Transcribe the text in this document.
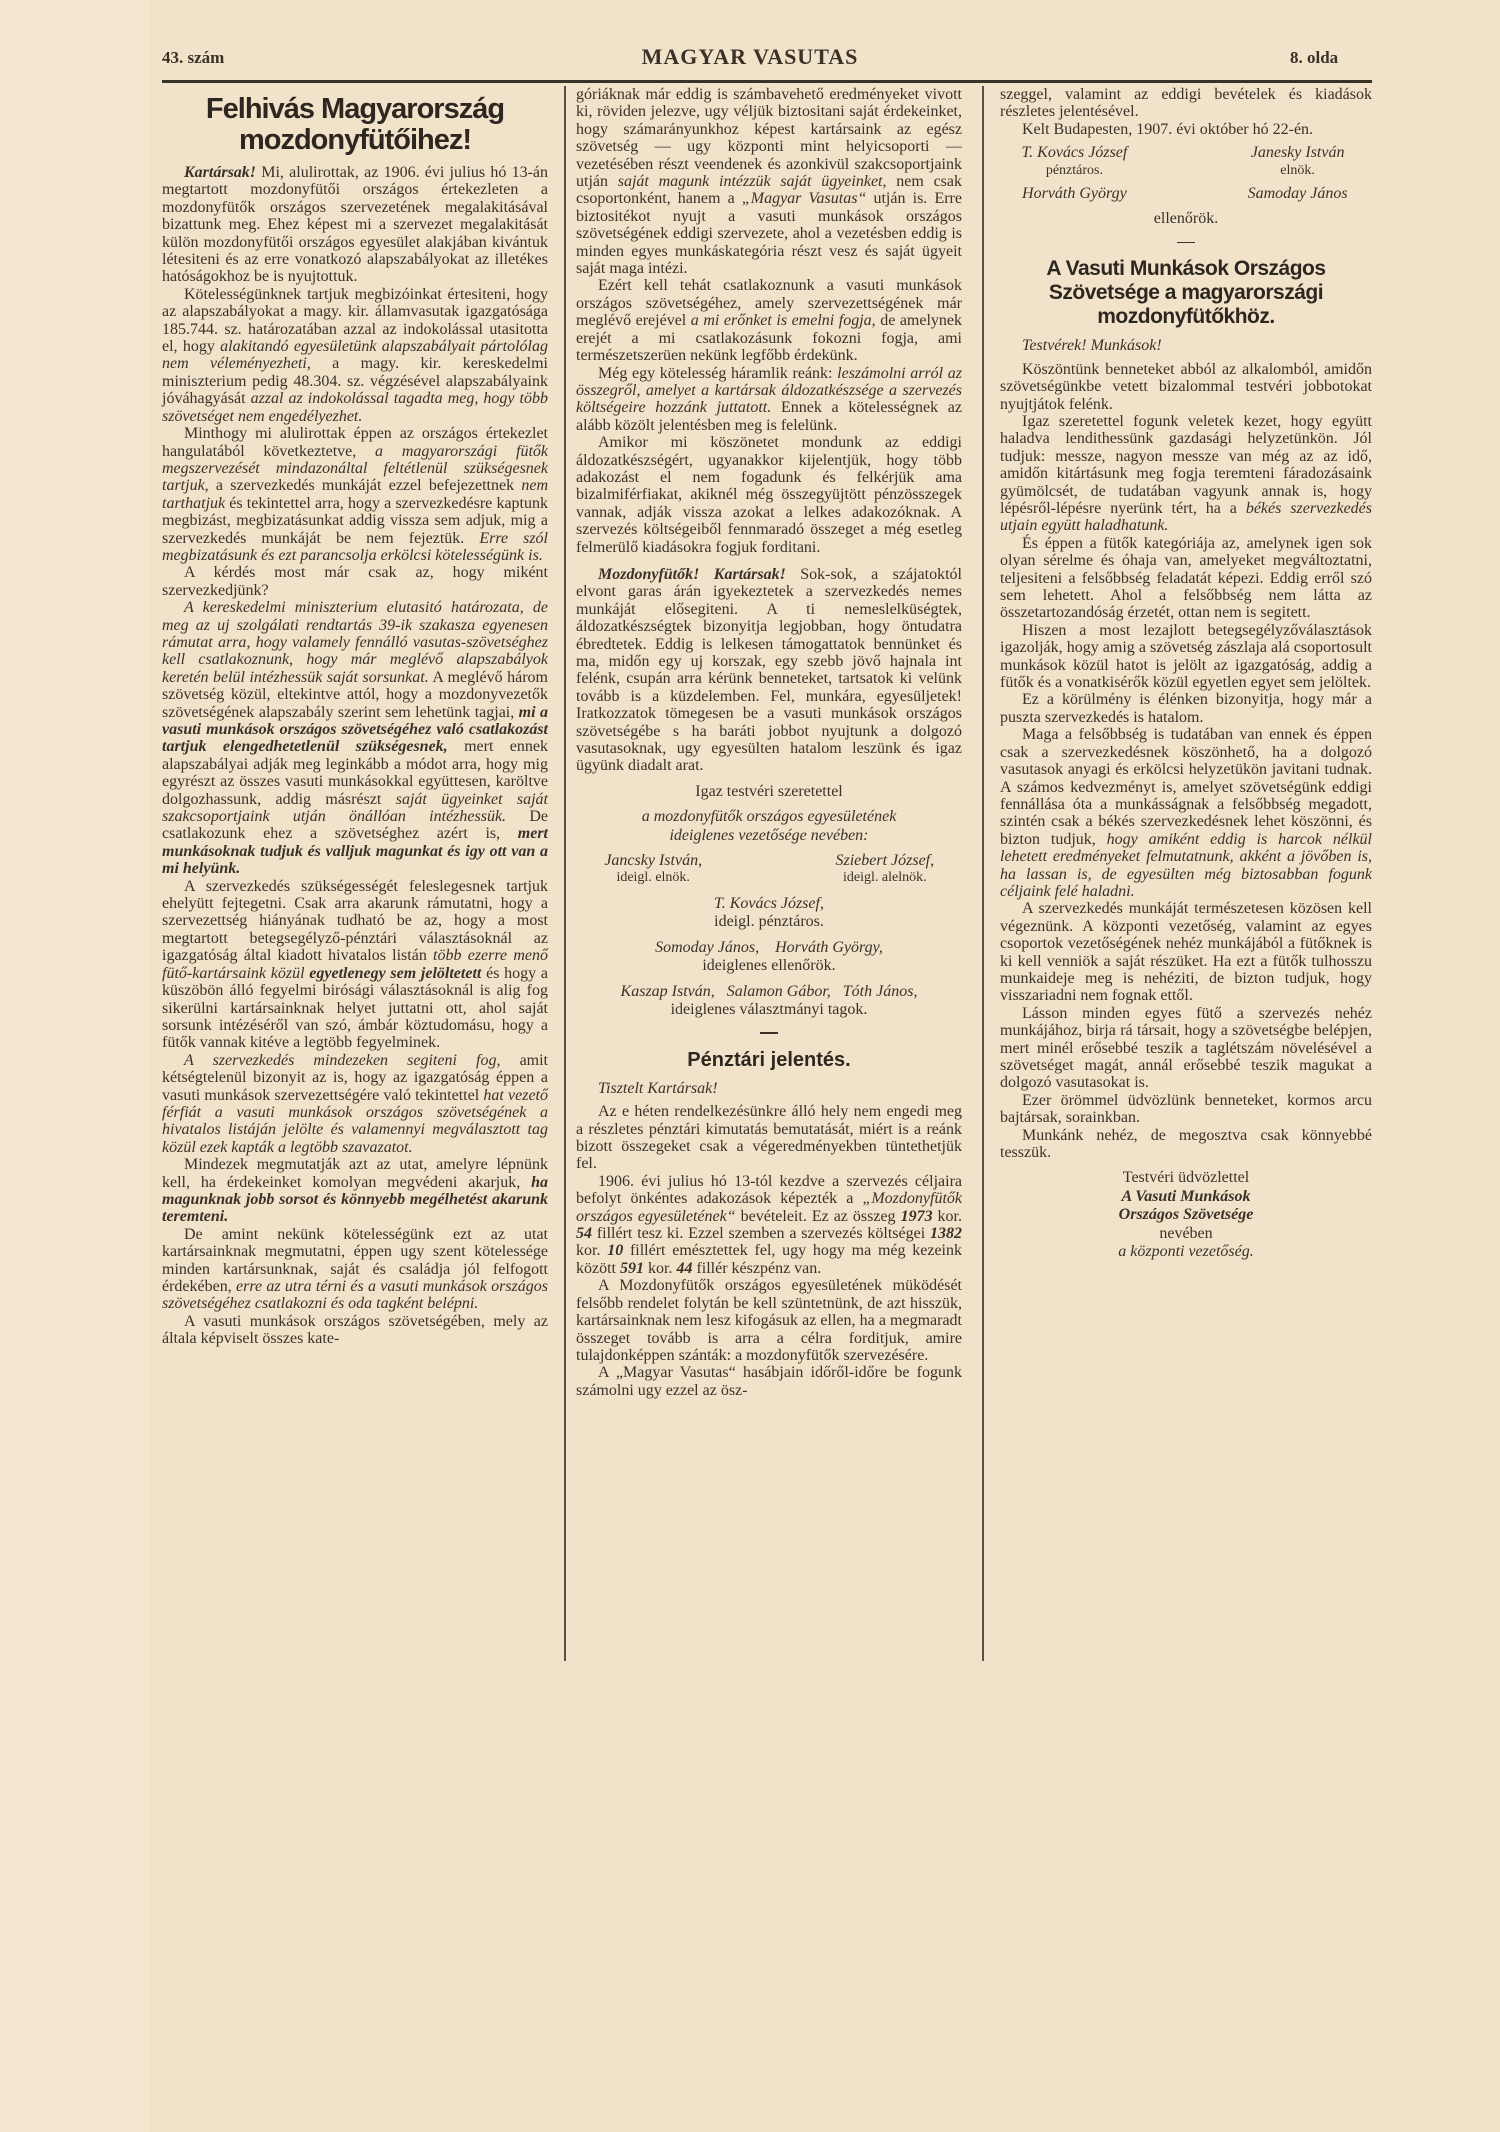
43. szám	MAGYAR VASUTAS	8. olda
Felhivás Magyarország mozdonyfütőihez!

Kartársak! Mi, alulirottak, az 1906. évi julius hó 13-án megtartott mozdonyfütői országos értekezleten a mozdonyfütők országos szervezetének megalakitásával bizattunk meg. Ehez képest mi a szervezet megalakitását külön mozdonyfütői országos egyesület alakjában kivántuk létesiteni és az erre vonatkozó alapszabályokat az illetékes hatóságokhoz be is nyujtottuk.

Kötelességünknek tartjuk megbizóinkat értesiteni, hogy az alapszabályokat a magy. kir. államvasutak igazgatósága 185.744. sz. határozatában azzal az indokolással utasitotta el, hogy alakitandó egyesületünk alapszabályait pártolólag nem véleményezheti, a magy. kir. kereskedelmi miniszterium pedig 48.304. sz. végzésével alapszabályaink jóváhagyását azzal az indokolással tagadta meg, hogy több szövetséget nem engedélyezhet.

Minthogy mi alulirottak éppen az országos értekezlet hangulatából következtetve, a magyarországi fütők megszervezését mindazonáltal feltétlenül szükségesnek tartjuk, a szervezkedés munkáját ezzel befejezettnek nem tarthatjuk és tekintettel arra, hogy a szervezkedésre kaptunk megbizást, megbizatásunkat addig vissza sem adjuk, mig a szervezkedés munkáját be nem fejeztük. Erre szól megbizatásunk és ezt parancsolja erkölcsi kötelességünk is.

A kérdés most már csak az, hogy miként szervezkedjünk?

A kereskedelmi miniszterium elutasitó határozata, de meg az uj szolgálati rendtartás 39-ik szakasza egyenesen rámutat arra, hogy valamely fennálló vasutas-szövetséghez kell csatlakoznunk, hogy már meglévő alapszabályok keretén belül intézhessük saját sorsunkat. A meglévő három szövetség közül, eltekintve attól, hogy a mozdonyvezetők szövetségének alapszabály szerint sem lehetünk tagjai, mi a vasuti munkások országos szövetségéhez való csatlakozást tartjuk elengedhetetlenül szükségesnek, mert ennek alapszabályai adják meg leginkább a módot arra, hogy mig egyrészt az összes vasuti munkásokkal együttesen, karöltve dolgozhassunk, addig másrészt saját ügyeinket saját szakcsoportjaink utján önállóan intézhessük. De csatlakozunk ehez a szövetséghez azért is, mert munkásoknak tudjuk és valljuk magunkat és igy ott van a mi helyünk.

A szervezkedés szükségességét feleslegesnek tartjuk ehelyütt fejtegetni. Csak arra akarunk rámutatni, hogy a szervezettség hiányának tudható be az, hogy a most megtartott betegsegélyző-pénztári választásoknál az igazgatóság által kiadott hivatalos listán több ezerre menő fütő-kartársaink közül egyetlenegy sem jelöltetett és hogy a küszöbön álló fegyelmi birósági választásoknál is alig fog sikerülni kartársainknak helyet juttatni ott, ahol saját sorsunk intézéséről van szó, ámbár köztudomásu, hogy a fütők vannak kitéve a legtöbb fegyelminek.

A szervezkedés mindezeken segiteni fog, amit kétségtelenül bizonyit az is, hogy az igazgatóság éppen a vasuti munkások szervezettségére való tekintettel hat vezető férfiát a vasuti munkások országos szövetségének a hivatalos listáján jelölte és valamennyi megválasztott tag közül ezek kapták a legtöbb szavazatot.

Mindezek megmutatják azt az utat, amelyre lépnünk kell, ha érdekeinket komolyan megvédeni akarjuk, ha magunknak jobb sorsot és könnyebb megélhetést akarunk teremteni.

De amint nekünk kötelességünk ezt az utat kartársainknak megmutatni, éppen ugy szent kötelessége minden kartársunknak, saját és családja jól felfogott érdekében, erre az utra térni és a vasuti munkások országos szövetségéhez csatlakozni és oda tagként belépni.

A vasuti munkások országos szövetségében, mely az általa képviselt összes kate-

góriáknak már eddig is számbavehető eredményeket vivott ki, röviden jelezve, ugy véljük biztositani saját érdekeinket, hogy számarányunkhoz képest kartársaink az egész szövetség — ugy központi mint helyicsoporti — vezetésében részt veendenek és azonkivül szakcsoportjaink utján saját magunk intézzük saját ügyeinket, nem csak csoportonként, hanem a „Magyar Vasutas“ utján is. Erre biztositékot nyujt a vasuti munkások országos szövetségének eddigi szervezete, ahol a vezetésben eddig is minden egyes munkáskategória részt vesz és saját ügyeit saját maga intézi.

Ezért kell tehát csatlakoznunk a vasuti munkások országos szövetségéhez, amely szervezettségének már meglévő erejével a mi erőnket is emelni fogja, de amelynek erejét a mi csatlakozásunk fokozni fogja, ami természetszerüen nekünk legfőbb érdekünk.

Még egy kötelesség háramlik reánk: leszámolni arról az összegről, amelyet a kartársak áldozatkészsége a szervezés költségeire hozzánk juttatott. Ennek a kötelességnek az alább közölt jelentésben meg is felelünk.

Amikor mi köszönetet mondunk az eddigi áldozatkészségért, ugyanakkor kijelentjük, hogy több adakozást el nem fogadunk és felkérjük ama bizalmiférfiakat, akiknél még összegyüjtött pénzösszegek vannak, adják vissza azokat a lelkes adakozóknak. A szervezés költségeiből fennmaradó összeget a még esetleg felmerülő kiadásokra fogjuk forditani.

Mozdonyfütők! Kartársak! Sok-sok, a szájatoktól elvont garas árán igyekeztetek a szervezkedés nemes munkáját elősegiteni. A ti nemeslelküségtek, áldozatkészségtek bizonyitja legjobban, hogy öntudatra ébredtetek. Eddig is lelkesen támogattatok bennünket és ma, midőn egy uj korszak, egy szebb jövő hajnala int felénk, csupán arra kérünk benneteket, tartsatok ki velünk tovább is a küzdelemben. Fel, munkára, egyesüljetek! Iratkozzatok tömegesen be a vasuti munkások országos szövetségébe s ha baráti jobbot nyujtunk a dolgozó vasutasoknak, ugy egyesülten hatalom leszünk és igaz ügyünk diadalt arat.

Igaz testvéri szeretettel
a mozdonyfütők országos egyesületének
ideiglenes vezetősége nevében:
Jancsky István,
ideigl. elnök.
Sziebert József,
ideigl. alelnök.
T. Kovács József,
ideigl. pénztáros.
Somoday János,    Horváth György,
ideiglenes ellenőrök.
Kaszap István,   Salamon Gábor,   Tóth János,
ideiglenes választmányi tagok.
Pénztári jelentés.
Tisztelt Kartársak!

Az e héten rendelkezésünkre álló hely nem engedi meg a részletes pénztári kimutatás bemutatását, miért is a reánk bizott összegeket csak a végeredményekben tüntethetjük fel.

1906. évi julius hó 13-tól kezdve a szervezés céljaira befolyt önkéntes adakozások képezték a „Mozdonyfütők országos egyesületének“ bevételeit. Ez az összeg 1973 kor. 54 fillért tesz ki. Ezzel szemben a szervezés költségei 1382 kor. 10 fillért emésztettek fel, ugy hogy ma még kezeink között 591 kor. 44 fillér készpénz van.

A Mozdonyfütők országos egyesületének müködését felsőbb rendelet folytán be kell szüntetnünk, de azt hisszük, kartársainknak nem lesz kifogásuk az ellen, ha a megmaradt összeget tovább is arra a célra forditjuk, amire tulajdonképpen szánták: a mozdonyfütők szervezésére.

A „Magyar Vasutas“ hasábjain időről-időre be fogunk számolni ugy ezzel az ösz-

szeggel, valamint az eddigi bevételek és kiadások részletes jelentésével.

Kelt Budapesten, 1907. évi október hó 22-én.

T. Kovács József
pénztáros.
Janesky István
elnök.
Horváth György	Samoday János
ellenőrök.
A Vasuti Munkások Országos Szövetsége a magyarországi mozdonyfütőkhöz.
Testvérek! Munkások!

Köszöntünk benneteket abból az alkalomból, amidőn szövetségünkbe vetett bizalommal testvéri jobbotokat nyujtjátok felénk.

Igaz szeretettel fogunk veletek kezet, hogy együtt haladva lendithessünk gazdasági helyzetünkön. Jól tudjuk: messze, nagyon messze van még az az idő, amidőn kitártásunk meg fogja teremteni fáradozásaink gyümölcsét, de tudatában vagyunk annak is, hogy lépésről-lépésre nyerünk tért, ha a békés szervezkedés utjain együtt haladhatunk.

És éppen a fütők kategóriája az, amelynek igen sok olyan sérelme és óhaja van, amelyeket megváltoztatni, teljesiteni a felsőbbség feladatát képezi. Eddig erről szó sem lehetett. Ahol a felsőbbség nem látta az összetartozandóság érzetét, ottan nem is segitett.

Hiszen a most lezajlott betegsegélyzőválasztások igazolják, hogy amig a szövetség zászlaja alá csoportosult munkások közül hatot is jelölt az igazgatóság, addig a fütők és a vonatkisérők közül egyetlen egyet sem jelöltek.

Ez a körülmény is élénken bizonyitja, hogy már a puszta szervezkedés is hatalom.

Maga a felsőbbség is tudatában van ennek és éppen csak a szervezkedésnek köszönhető, ha a dolgozó vasutasok anyagi és erkölcsi helyzetükön javitani tudnak. A számos kedvezményt is, amelyet szövetségünk eddigi fennállása óta a munkásságnak a felsőbbség megadott, szintén csak a békés szervezkedésnek lehet köszönni, és bizton tudjuk, hogy amiként eddig is harcok nélkül lehetett eredményeket felmutatnunk, akként a jövőben is, ha lassan is, de egyesülten még biztosabban fogunk céljaink felé haladni.

A szervezkedés munkáját természetesen közösen kell végeznünk. A központi vezetőség, valamint az egyes csoportok vezetőségének nehéz munkájából a fütőknek is ki kell venniök a saját részüket. Ha ezt a fütők tulhosszu munkaideje meg is nehéziti, de bizton tudjuk, hogy visszariadni nem fognak ettől.

Lásson minden egyes fütő a szervezés nehéz munkájához, birja rá társait, hogy a szövetségbe belépjen, mert minél erősebbé teszik a taglétszám növelésével a szövetséget magát, annál erősebbé teszik magukat a dolgozó vasutasokat is.

Ezer örömmel üdvözlünk benneteket, kormos arcu bajtársak, sorainkban.

Munkánk nehéz, de megosztva csak könnyebbé tesszük.

Testvéri üdvözlettel
A Vasuti Munkások
Országos Szövetsége
nevében
a központi vezetőség.
